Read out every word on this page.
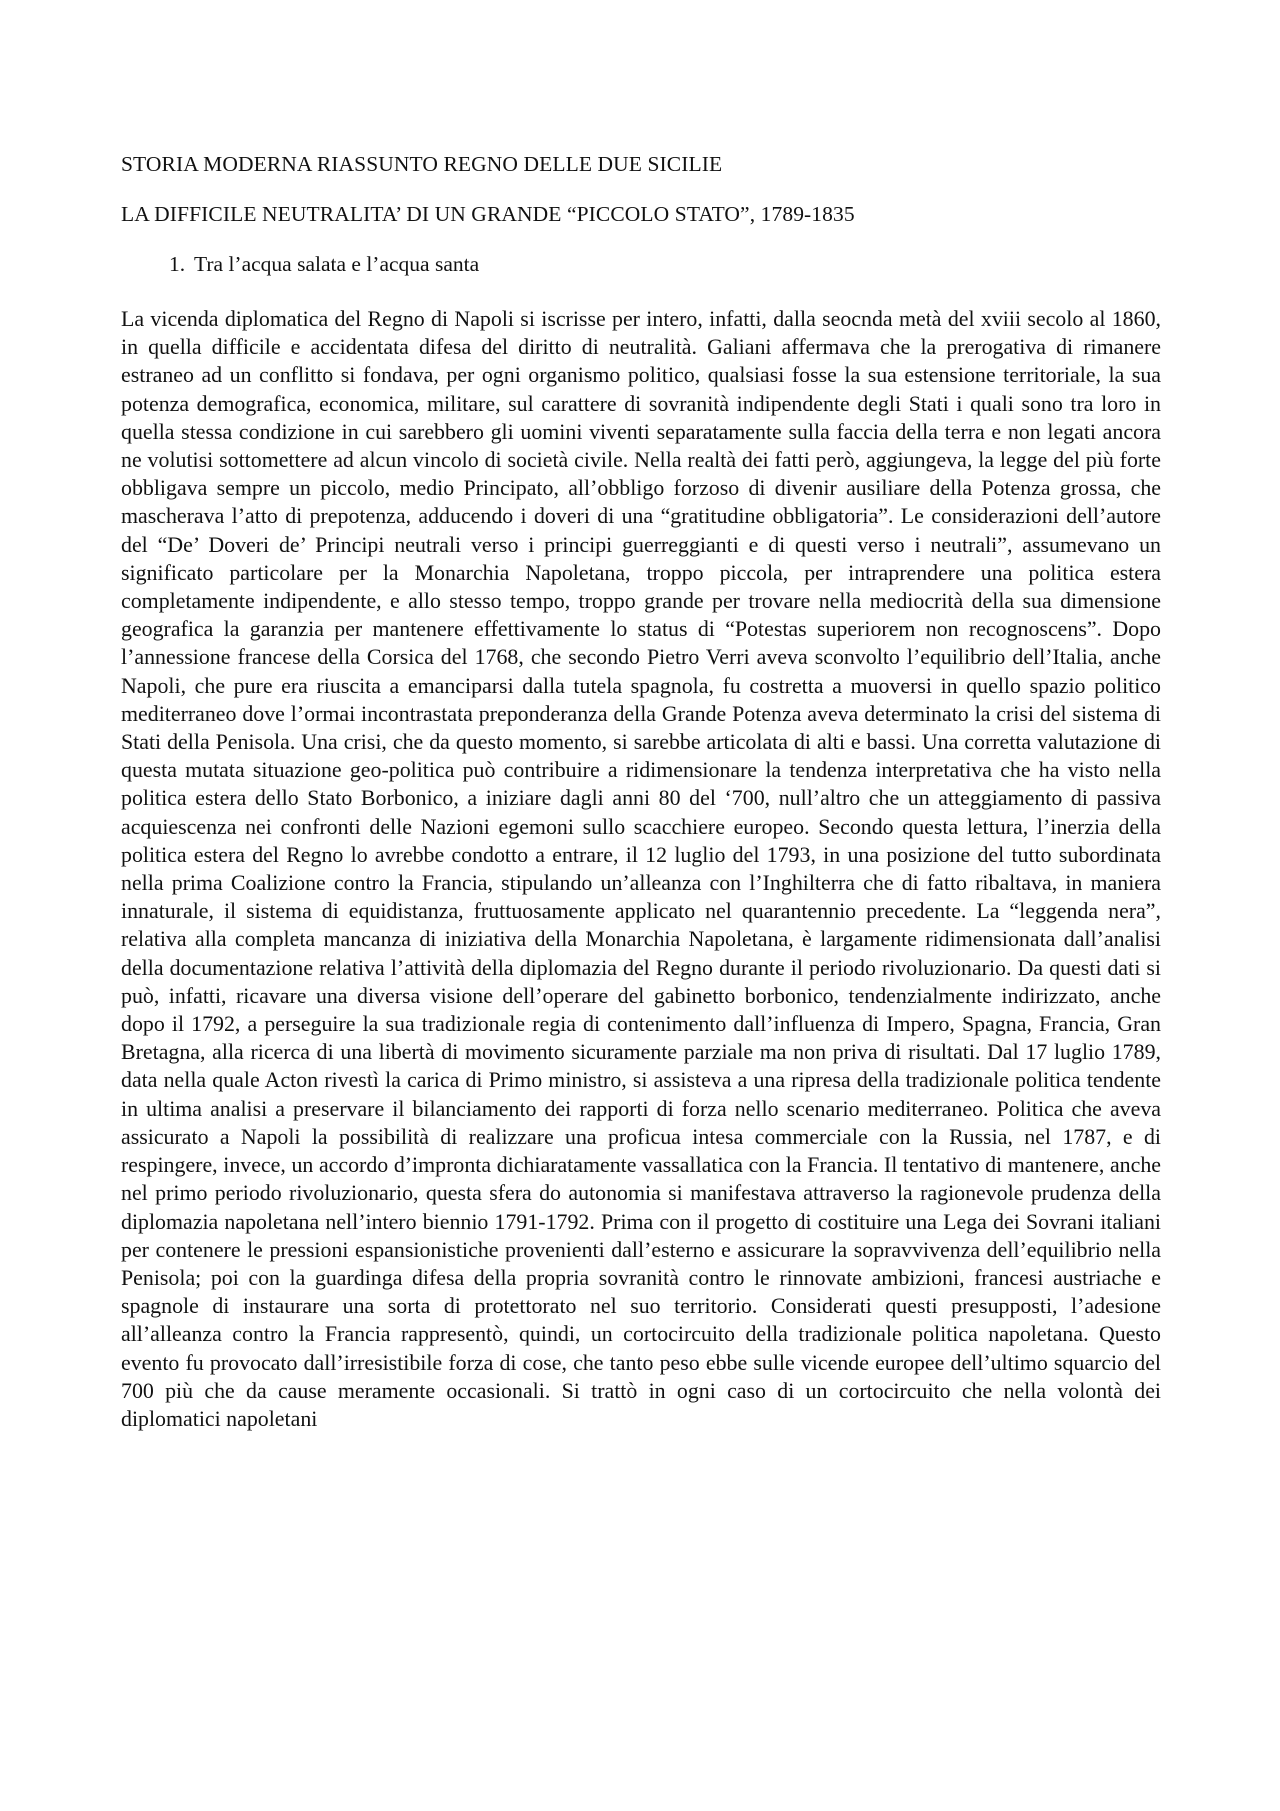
STORIA MODERNA RIASSUNTO REGNO DELLE DUE SICILIE
LA DIFFICILE NEUTRALITA’ DI UN GRANDE “PICCOLO STATO”, 1789-1835
1. Tra l’acqua salata e l’acqua santa

La vicenda diplomatica del Regno di Napoli si iscrisse per intero, infatti, dalla seocnda metà del xviii secolo al 1860, in quella difficile e accidentata difesa del diritto di neutralità. Galiani affermava che la prerogativa di rimanere estraneo ad un conflitto si fondava, per ogni organismo politico, qualsiasi fosse la sua estensione territoriale, la sua potenza demografica, economica, militare, sul carattere di sovranità indipendente degli Stati i quali sono tra loro in quella stessa condizione in cui sarebbero gli uomini viventi separatamente sulla faccia della terra e non legati ancora ne volutisi sottomettere ad alcun vincolo di società civile. Nella realtà dei fatti però, aggiungeva, la legge del più forte obbligava sempre un piccolo, medio Principato, all’obbligo forzoso di divenir ausiliare della Potenza grossa, che mascherava l’atto di prepotenza, adducendo i doveri di una “gratitudine obbligatoria”. Le considerazioni dell’autore del “De’ Doveri de’ Principi neutrali verso i principi guerreggianti e di questi verso i neutrali”, assumevano un significato particolare per la Monarchia Napoletana, troppo piccola, per intraprendere una politica estera completamente indipendente, e allo stesso tempo, troppo grande per trovare nella mediocrità della sua dimensione geografica la garanzia per mantenere effettivamente lo status di “Potestas superiorem non recognoscens”. Dopo l’annessione francese della Corsica del 1768, che secondo Pietro Verri aveva sconvolto l’equilibrio dell’Italia, anche Napoli, che pure era riuscita a emanciparsi dalla tutela spagnola, fu costretta a muoversi in quello spazio politico mediterraneo dove l’ormai incontrastata preponderanza della Grande Potenza aveva determinato la crisi del sistema di Stati della Penisola. Una crisi, che da questo momento, si sarebbe articolata di alti e bassi. Una corretta valutazione di questa mutata situazione geo-politica può contribuire a ridimensionare la tendenza interpretativa che ha visto nella politica estera dello Stato Borbonico, a iniziare dagli anni 80 del ‘700, null’altro che un atteggiamento di passiva acquiescenza nei confronti delle Nazioni egemoni sullo scacchiere europeo. Secondo questa lettura, l’inerzia della politica estera del Regno lo avrebbe condotto a entrare, il 12 luglio del 1793, in una posizione del tutto subordinata nella prima Coalizione contro la Francia, stipulando un’alleanza con l’Inghilterra che di fatto ribaltava, in maniera innaturale, il sistema di equidistanza, fruttuosamente applicato nel quarantennio precedente. La “leggenda nera”, relativa alla completa mancanza di iniziativa della Monarchia Napoletana, è largamente ridimensionata dall’analisi della documentazione relativa l’attività della diplomazia del Regno durante il periodo rivoluzionario. Da questi dati si può, infatti, ricavare una diversa visione dell’operare del gabinetto borbonico, tendenzialmente indirizzato, anche dopo il 1792, a perseguire la sua tradizionale regia di contenimento dall’influenza di Impero, Spagna, Francia, Gran Bretagna, alla ricerca di una libertà di movimento sicuramente parziale ma non priva di risultati. Dal 17 luglio 1789, data nella quale Acton rivestì la carica di Primo ministro, si assisteva a una ripresa della tradizionale politica tendente in ultima analisi a preservare il bilanciamento dei rapporti di forza nello scenario mediterraneo. Politica che aveva assicurato a Napoli la possibilità di realizzare una proficua intesa commerciale con la Russia, nel 1787, e di respingere, invece, un accordo d’impronta dichiaratamente vassallatica con la Francia. Il tentativo di mantenere, anche nel primo periodo rivoluzionario, questa sfera do autonomia si manifestava attraverso la ragionevole prudenza della diplomazia napoletana nell’intero biennio 1791-1792. Prima con il progetto di costituire una Lega dei Sovrani italiani per contenere le pressioni espansionistiche provenienti dall’esterno e assicurare la sopravvivenza dell’equilibrio nella Penisola; poi con la guardinga difesa della propria sovranità contro le rinnovate ambizioni, francesi austriache e spagnole di instaurare una sorta di protettorato nel suo territorio. Considerati questi presupposti, l’adesione all’alleanza contro la Francia rappresentò, quindi, un cortocircuito della tradizionale politica napoletana. Questo evento fu provocato dall’irresistibile forza di cose, che tanto peso ebbe sulle vicende europee dell’ultimo squarcio del 700 più che da cause meramente occasionali. Si trattò in ogni caso di un cortocircuito che nella volontà dei diplomatici napoletani
